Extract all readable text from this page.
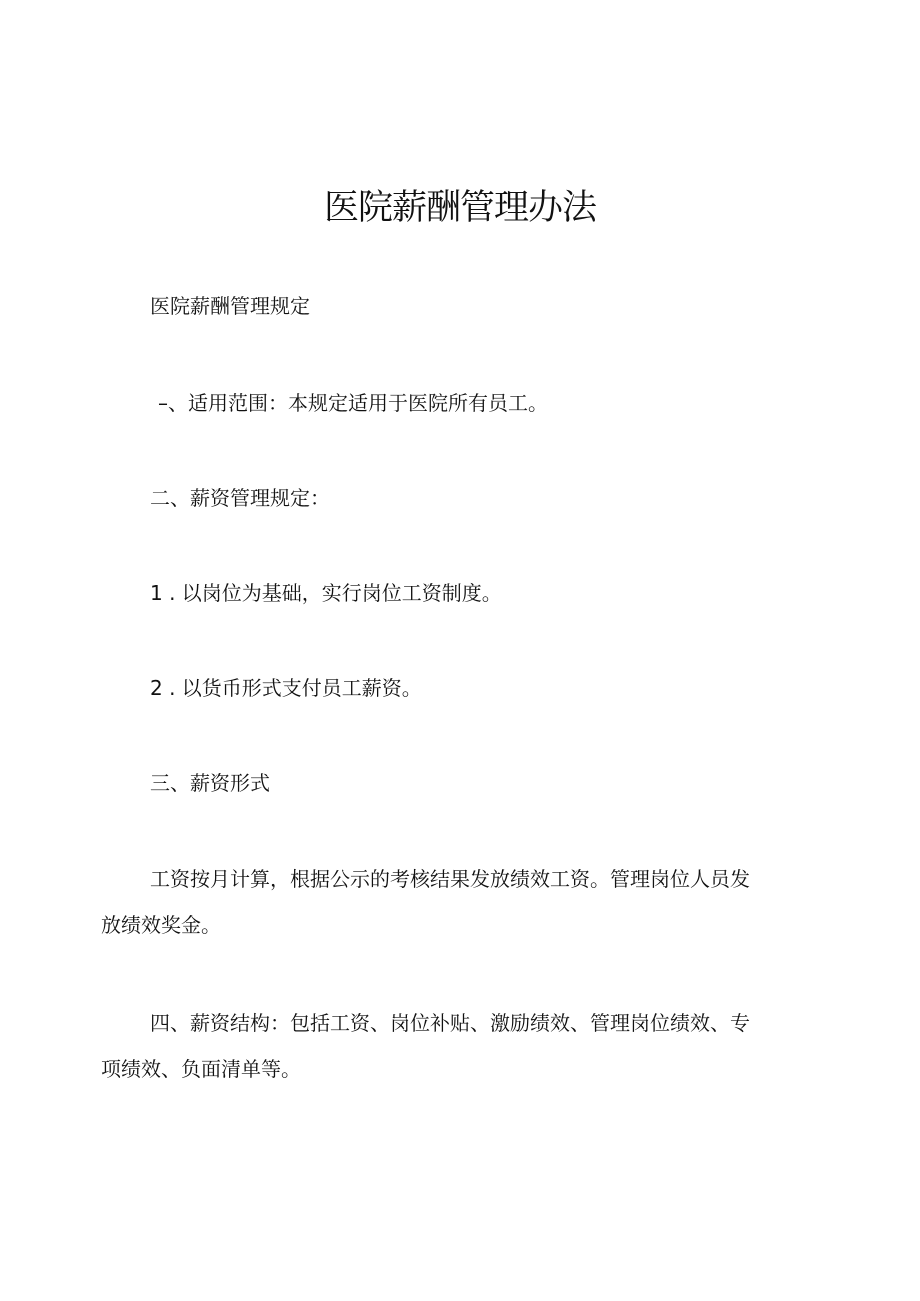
医院薪酬管理办法

医院薪酬管理规定

–、适用范围：本规定适用于医院所有员工。

二、薪资管理规定：

1 . 以岗位为基础，实行岗位工资制度。

2 . 以货币形式支付员工薪资。

三、薪资形式

工资按月计算，根据公示的考核结果发放绩效工资。管理岗位人员发
放绩效奖金。

四、薪资结构：包括工资、岗位补贴、激励绩效、管理岗位绩效、专
项绩效、负面清单等。
